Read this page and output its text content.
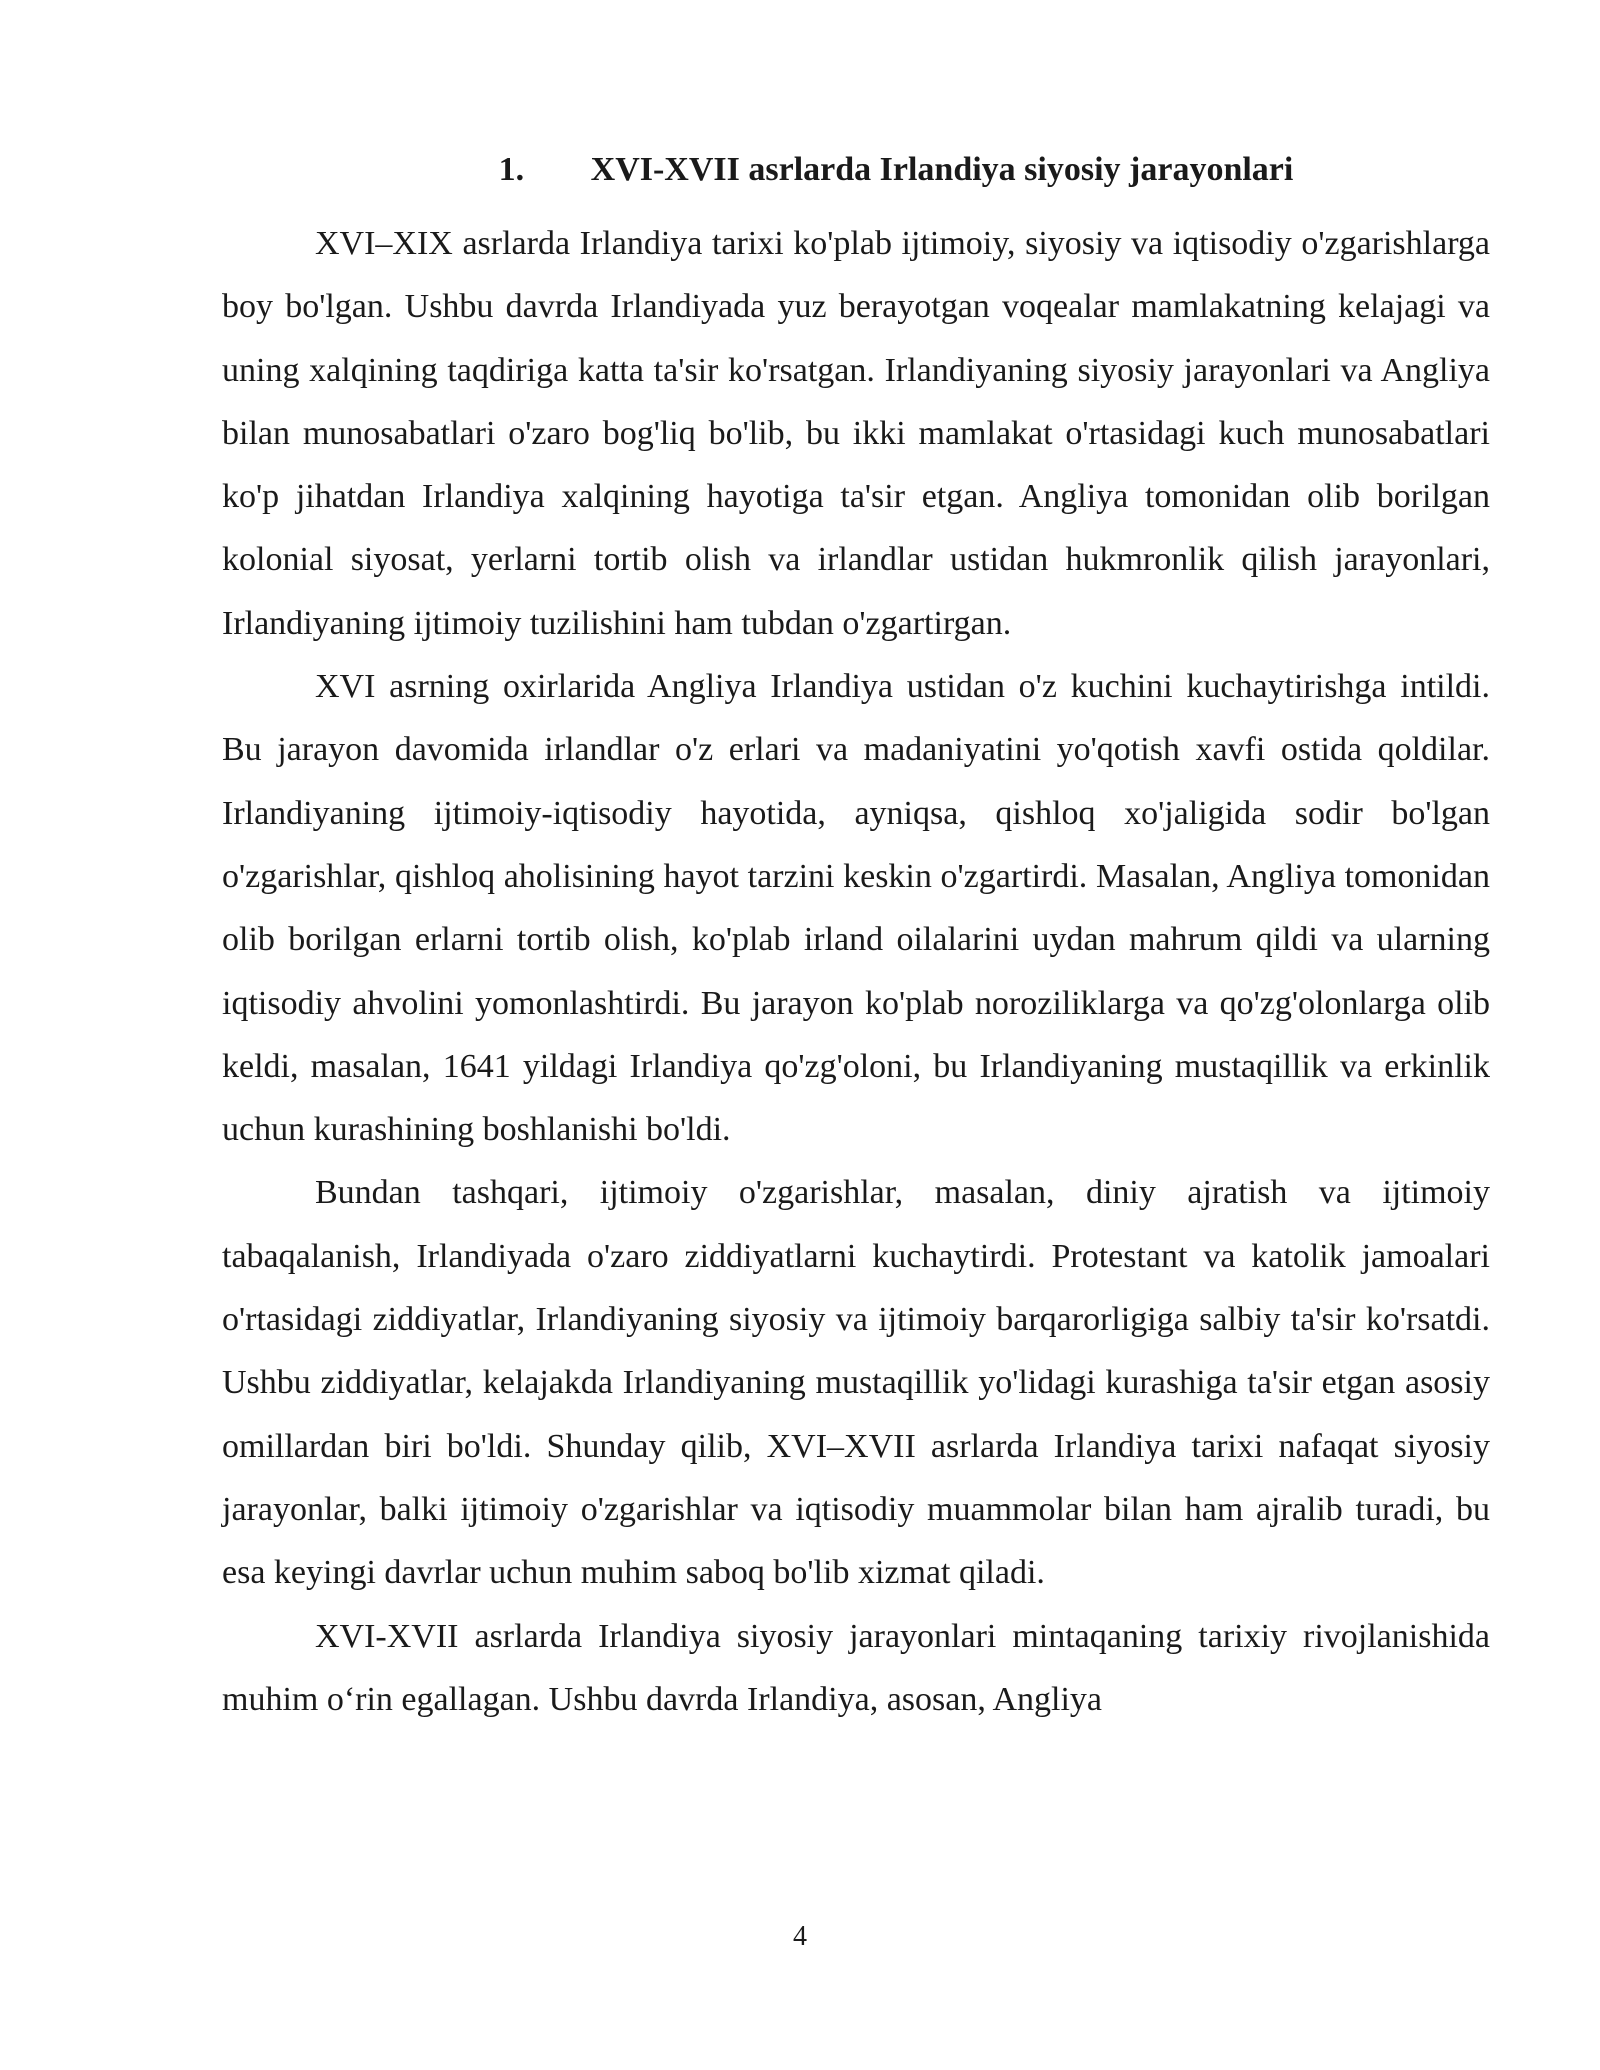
1. XVI-XVII asrlarda Irlandiya siyosiy jarayonlari

XVI–XIX asrlarda Irlandiya tarixi ko'plab ijtimoiy, siyosiy va iqtisodiy o'zgarishlarga boy bo'lgan. Ushbu davrda Irlandiyada yuz berayotgan voqealar mamlakatning kelajagi va uning xalqining taqdiriga katta ta'sir ko'rsatgan. Irlandiyaning siyosiy jarayonlari va Angliya bilan munosabatlari o'zaro bog'liq bo'lib, bu ikki mamlakat o'rtasidagi kuch munosabatlari ko'p jihatdan Irlandiya xalqining hayotiga ta'sir etgan. Angliya tomonidan olib borilgan kolonial siyosat, yerlarni tortib olish va irlandlar ustidan hukmronlik qilish jarayonlari, Irlandiyaning ijtimoiy tuzilishini ham tubdan o'zgartirgan.

XVI asrning oxirlarida Angliya Irlandiya ustidan o'z kuchini kuchaytirishga intildi. Bu jarayon davomida irlandlar o'z erlari va madaniyatini yo'qotish xavfi ostida qoldilar. Irlandiyaning ijtimoiy-iqtisodiy hayotida, ayniqsa, qishloq xo'jaligida sodir bo'lgan o'zgarishlar, qishloq aholisining hayot tarzini keskin o'zgartirdi. Masalan, Angliya tomonidan olib borilgan erlarni tortib olish, ko'plab irland oilalarini uydan mahrum qildi va ularning iqtisodiy ahvolini yomonlashtirdi. Bu jarayon ko'plab noroziliklarga va qo'zg'olonlarga olib keldi, masalan, 1641 yildagi Irlandiya qo'zg'oloni, bu Irlandiyaning mustaqillik va erkinlik uchun kurashining boshlanishi bo'ldi.

Bundan tashqari, ijtimoiy o'zgarishlar, masalan, diniy ajratish va ijtimoiy tabaqalanish, Irlandiyada o'zaro ziddiyatlarni kuchaytirdi. Protestant va katolik jamoalari o'rtasidagi ziddiyatlar, Irlandiyaning siyosiy va ijtimoiy barqarorligiga salbiy ta'sir ko'rsatdi. Ushbu ziddiyatlar, kelajakda Irlandiyaning mustaqillik yo'lidagi kurashiga ta'sir etgan asosiy omillardan biri bo'ldi. Shunday qilib, XVI–XVII asrlarda Irlandiya tarixi nafaqat siyosiy jarayonlar, balki ijtimoiy o'zgarishlar va iqtisodiy muammolar bilan ham ajralib turadi, bu esa keyingi davrlar uchun muhim saboq bo'lib xizmat qiladi.

XVI-XVII asrlarda Irlandiya siyosiy jarayonlari mintaqaning tarixiy rivojlanishida muhim o‘rin egallagan. Ushbu davrda Irlandiya, asosan, Angliya

4
